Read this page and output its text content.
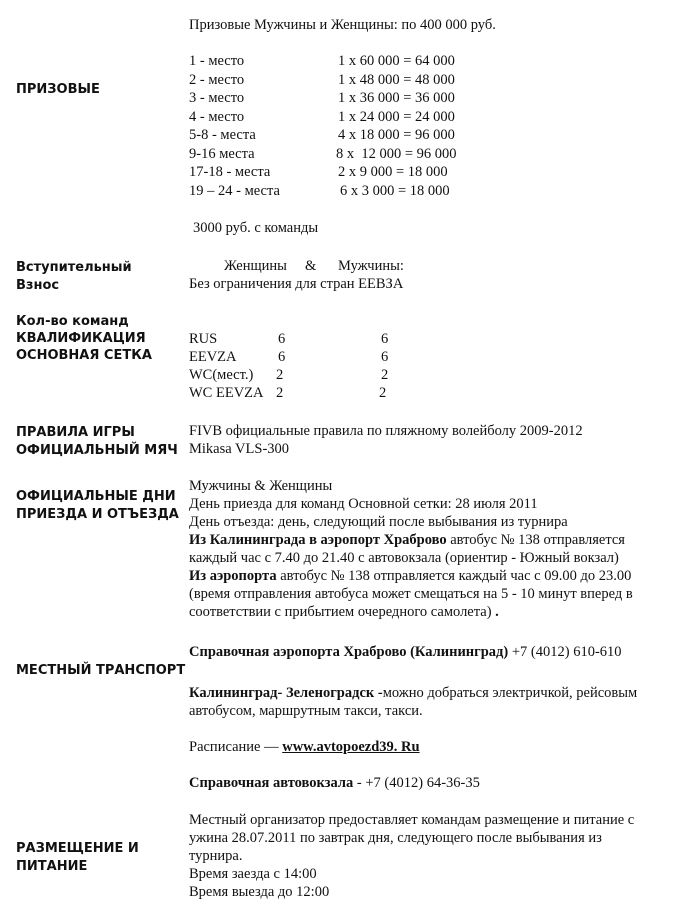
ПРИЗОВЫЕ
Призовые Мужчины и Женщины: по 400 000 руб.
1 - место	1 х 60 000 = 64 000
2 - место	1 х 48 000 = 48 000
3 - место	1 х 36 000 = 36 000
4 - место	1 х 24 000 = 24 000
5-8 - места	4 х 18 000 = 96 000
9-16 места	8 х  12 000 = 96 000
17-18 - места	2 х 9 000 = 18 000
19 – 24 - места	6 х 3 000 = 18 000
3000 руб. с команды
Вступительный
Взнос
Женщины     &      Мужчины:
Без ограничения для стран ЕЕВЗА
Кол-во команд
КВАЛИФИКАЦИЯ
ОСНОВНАЯ СЕТКА
RUS	6	6
EEVZA	6	6
WC(мест.) 2	2
WC EEVZA 2	2
ПРАВИЛА ИГРЫ
ОФИЦИАЛЬНЫЙ МЯЧ
FIVB официальные правила по пляжному волейболу 2009-2012
Mikasa VLS-300
ОФИЦИАЛЬНЫЕ ДНИ
ПРИЕЗДА И ОТЪЕЗДА
Мужчины & Женщины
День приезда для команд Основной сетки: 28 июля 2011
День отъезда: день, следующий после выбывания из турнира
Из Калининграда в аэропорт Храброво автобус № 138 отправляется
каждый час с 7.40 до 21.40 с автовокзала (ориентир - Южный вокзал)
Из аэропорта автобус № 138 отправляется каждый час с 09.00 до 23.00
(время отправления автобуса может смещаться на 5 - 10 минут вперед в
соответствии с прибытием очередного самолета) .
Справочная аэропорта Храброво (Калининград) +7 (4012) 610-610
МЕСТНЫЙ ТРАНСПОРТ
Калининград- Зеленоградск -можно добраться электричкой, рейсовым
автобусом, маршрутным такси, такси.
Расписание — www.avtopoezd39. Ru
Справочная автовокзала - +7 (4012) 64-36-35
Местный организатор предоставляет командам размещение и питание с
ужина 28.07.2011 по завтрак дня, следующего после выбывания из
РАЗМЕЩЕНИЕ И	турнира.
ПИТАНИЕ	Время заезда с 14:00
Время выезда до 12:00
